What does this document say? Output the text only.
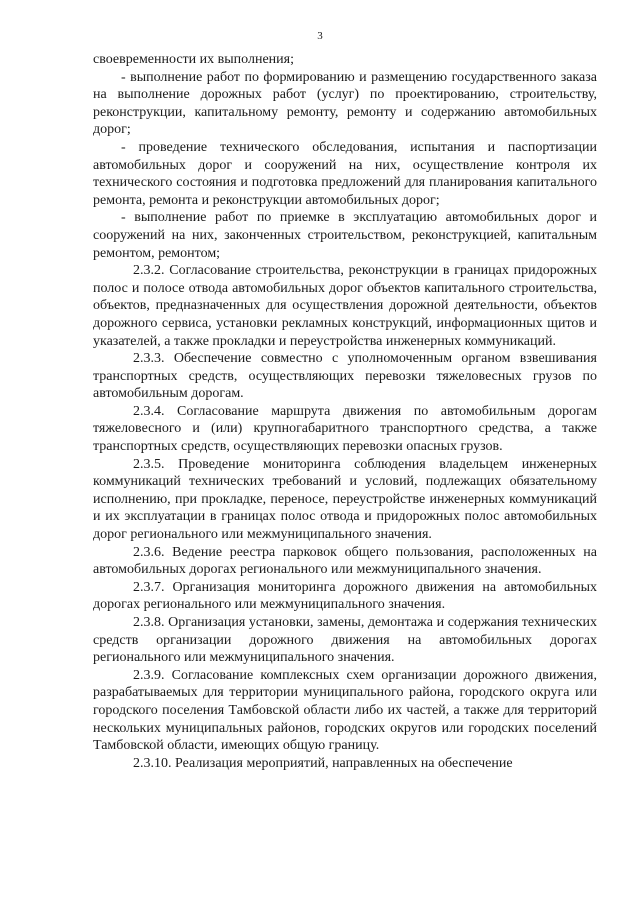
3

своевременности их выполнения;

- выполнение работ по формированию и размещению государственного заказа на выполнение дорожных работ (услуг) по проектированию, строительству, реконструкции, капитальному ремонту, ремонту и содержанию автомобильных дорог;

- проведение технического обследования, испытания и паспортизации автомобильных дорог и сооружений на них, осуществление контроля их технического состояния и подготовка предложений для планирования капитального ремонта, ремонта и реконструкции автомобильных дорог;

- выполнение работ по приемке в эксплуатацию автомобильных дорог и сооружений на них, законченных строительством, реконструкцией, капитальным ремонтом, ремонтом;

2.3.2. Согласование строительства, реконструкции в границах придорожных полос и полосе отвода автомобильных дорог объектов капитального строительства, объектов, предназначенных для осуществления дорожной деятельности, объектов дорожного сервиса, установки рекламных конструкций, информационных щитов и указателей, а также прокладки и переустройства инженерных коммуникаций.

2.3.3. Обеспечение совместно с уполномоченным органом взвешивания транспортных средств, осуществляющих перевозки тяжеловесных грузов по автомобильным дорогам.

2.3.4. Согласование маршрута движения по автомобильным дорогам тяжеловесного и (или) крупногабаритного транспортного средства, а также транспортных средств, осуществляющих перевозки опасных грузов.

2.3.5. Проведение мониторинга соблюдения владельцем инженерных коммуникаций технических требований и условий, подлежащих обязательному исполнению, при прокладке, переносе, переустройстве инженерных коммуникаций и их эксплуатации в границах полос отвода и придорожных полос автомобильных дорог регионального или межмуниципального значения.

2.3.6. Ведение реестра парковок общего пользования, расположенных на автомобильных дорогах регионального или межмуниципального значения.

2.3.7. Организация мониторинга дорожного движения на автомобильных дорогах регионального или межмуниципального значения.

2.3.8. Организация установки, замены, демонтажа и содержания технических средств организации дорожного движения на автомобильных дорогах регионального или межмуниципального значения.

2.3.9. Согласование комплексных схем организации дорожного движения, разрабатываемых для территории муниципального района, городского округа или городского поселения Тамбовской области либо их частей, а также для территорий нескольких муниципальных районов, городских округов или городских поселений Тамбовской области, имеющих общую границу.

2.3.10. Реализация мероприятий, направленных на обеспечение
